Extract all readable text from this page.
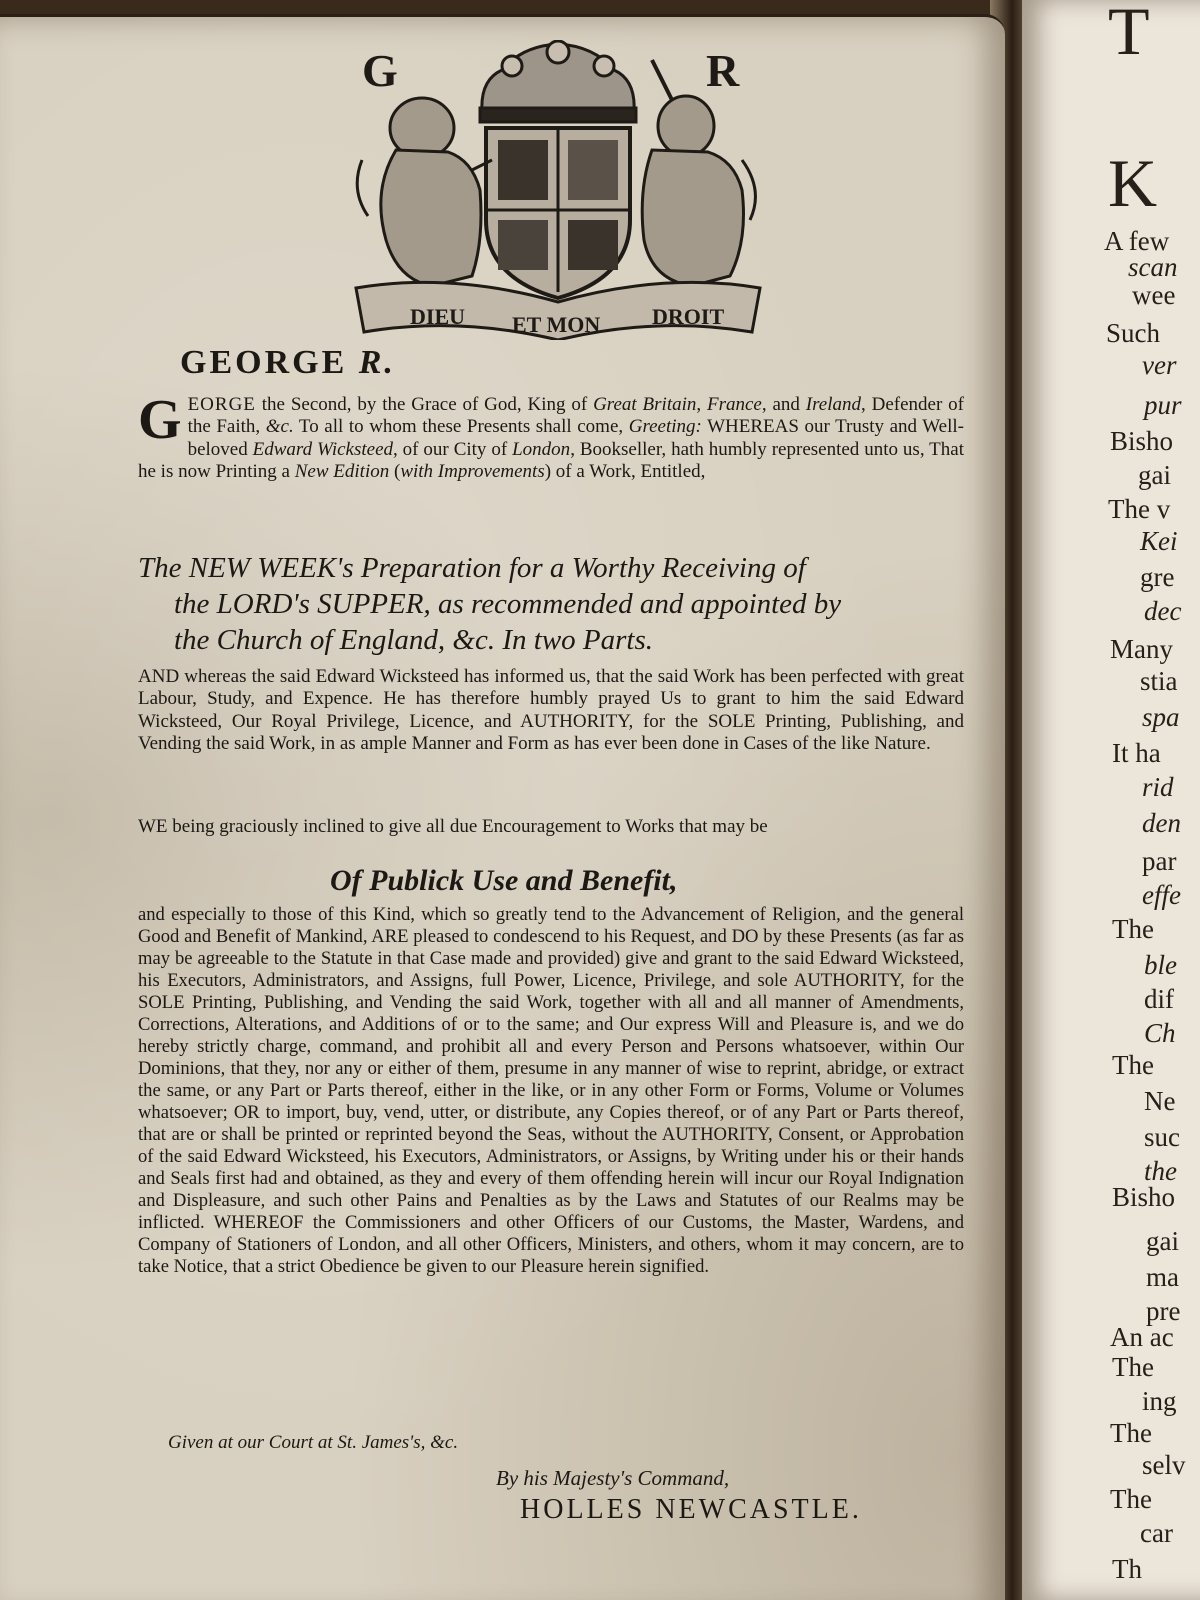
T
K
A few
scan
wee
Such
ver
pur
Bisho
gai
The v
Kei
gre
dec
Many
stia
spa
It ha
rid
den
par
effe
The
ble
dif
Ch
The
Ne
suc
the
Bisho
gai
ma
pre
An ac
The
ing
The
selv
The
car
Th
G	R
DIEU ET MON DROIT
GEORGE R.
GEORGE the Second, by the Grace of God, King of Great Britain, France, and Ireland, Defender of the Faith, &c. To all to whom these Presents shall come, Greeting: WHEREAS our Trusty and Well-beloved Edward Wicksteed, of our City of London, Bookseller, hath humbly represented unto us, That he is now Printing a New Edition (with Improvements) of a Work, Entitled,
The NEW WEEK's Preparation for a Worthy Receiving of
the LORD's SUPPER, as recommended and appointed by
the Church of England, &c. In two Parts.
AND whereas the said Edward Wicksteed has informed us, that the said Work has been perfected with great Labour, Study, and Expence. He has therefore humbly prayed Us to grant to him the said Edward Wicksteed, Our Royal Privilege, Licence, and AUTHORITY, for the SOLE Printing, Publishing, and Vending the said Work, in as ample Manner and Form as has ever been done in Cases of the like Nature.
WE being graciously inclined to give all due Encouragement to Works that may be
Of Publick Use and Benefit,
and especially to those of this Kind, which so greatly tend to the Advancement of Religion, and the general Good and Benefit of Mankind, ARE pleased to condescend to his Request, and DO by these Presents (as far as may be agreeable to the Statute in that Case made and provided) give and grant to the said Edward Wicksteed, his Executors, Administrators, and Assigns, full Power, Licence, Privilege, and sole AUTHORITY, for the SOLE Printing, Publishing, and Vending the said Work, together with all and all manner of Amendments, Corrections, Alterations, and Additions of or to the same; and Our express Will and Pleasure is, and we do hereby strictly charge, command, and prohibit all and every Person and Persons whatsoever, within Our Dominions, that they, nor any or either of them, presume in any manner of wise to reprint, abridge, or extract the same, or any Part or Parts thereof, either in the like, or in any other Form or Forms, Volume or Volumes whatsoever; OR to import, buy, vend, utter, or distribute, any Copies thereof, or of any Part or Parts thereof, that are or shall be printed or reprinted beyond the Seas, without the AUTHORITY, Consent, or Approbation of the said Edward Wicksteed, his Executors, Administrators, or Assigns, by Writing under his or their hands and Seals first had and obtained, as they and every of them offending herein will incur our Royal Indignation and Displeasure, and such other Pains and Penalties as by the Laws and Statutes of our Realms may be inflicted. WHEREOF the Commissioners and other Officers of our Customs, the Master, Wardens, and Company of Stationers of London, and all other Officers, Ministers, and others, whom it may concern, are to take Notice, that a strict Obedience be given to our Pleasure herein signified.
Given at our Court at St. James's, &c.
By his Majesty's Command,
HOLLES NEWCASTLE.
